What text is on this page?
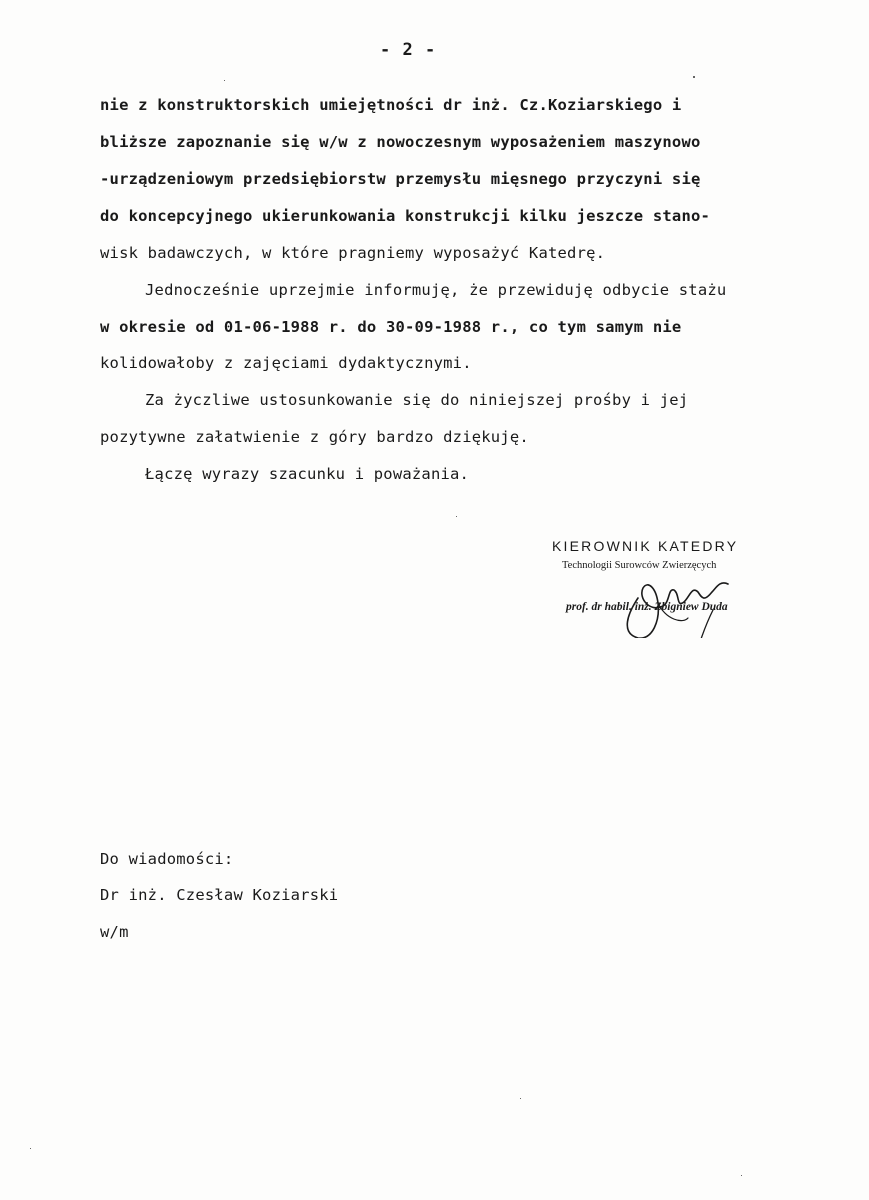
- 2 -
nie z konstruktorskich umiejętności dr inż. Cz.Koziarskiego i
bliższe zapoznanie się w/w z nowoczesnym wyposażeniem maszynowo
-urządzeniowym przedsiębiorstw przemysłu mięsnego przyczyni się
do koncepcyjnego ukierunkowania konstrukcji kilku jeszcze stano-
wisk badawczych, w które pragniemy wyposażyć Katedrę.
Jednocześnie uprzejmie informuję, że przewiduję odbycie stażu
w okresie od 01-06-1988 r. do 30-09-1988 r., co tym samym nie
kolidowałoby z zajęciami dydaktycznymi.
Za życzliwe ustosunkowanie się do niniejszej prośby i jej
pozytywne załatwienie z góry bardzo dziękuję.
Łączę wyrazy szacunku i poważania.
KIEROWNIK KATEDRY
Technologii Surowców Zwierzęcych
prof. dr habil. inż. Zbigniew Duda
Do wiadomości:
Dr inż. Czesław Koziarski
w/m
